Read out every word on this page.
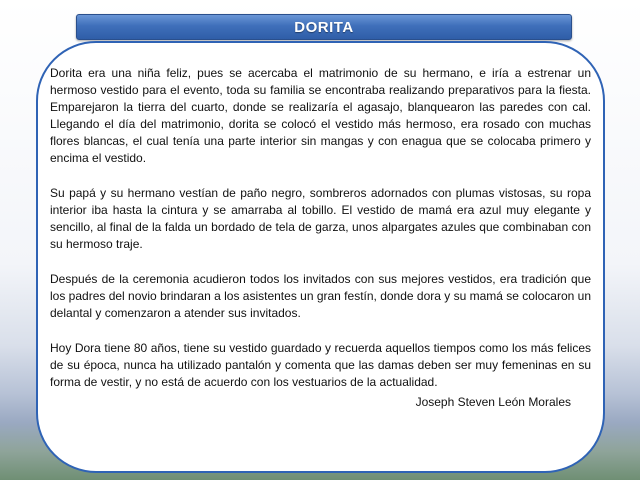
DORITA

Dorita era una niña feliz, pues se acercaba el matrimonio de su hermano, e iría a estrenar un hermoso vestido para el evento, toda su familia se encontraba realizando preparativos para la fiesta. Emparejaron la tierra del cuarto, donde se realizaría el agasajo, blanquearon las paredes con cal. Llegando el día del matrimonio, dorita se colocó el vestido más hermoso, era rosado con muchas flores blancas, el cual tenía una parte interior sin mangas y con enagua que se colocaba primero y encima el vestido.

Su papá y su hermano vestían de paño negro, sombreros adornados con plumas vistosas, su ropa interior iba hasta la cintura y se amarraba al tobillo. El vestido de mamá era azul muy elegante y sencillo, al final de la falda un bordado de tela de garza, unos alpargates azules que combinaban con su hermoso traje.

Después de la ceremonia acudieron todos los invitados con sus mejores vestidos, era tradición que los padres del novio brindaran a los asistentes un gran festín, donde dora y su mamá se colocaron un delantal y comenzaron a atender sus invitados.

Hoy Dora tiene 80 años, tiene su vestido guardado y recuerda aquellos tiempos como los más felices de su época, nunca ha utilizado pantalón y comenta que las damas deben ser muy femeninas en su forma de vestir, y no está de acuerdo con los vestuarios de la actualidad.

Joseph Steven León Morales
